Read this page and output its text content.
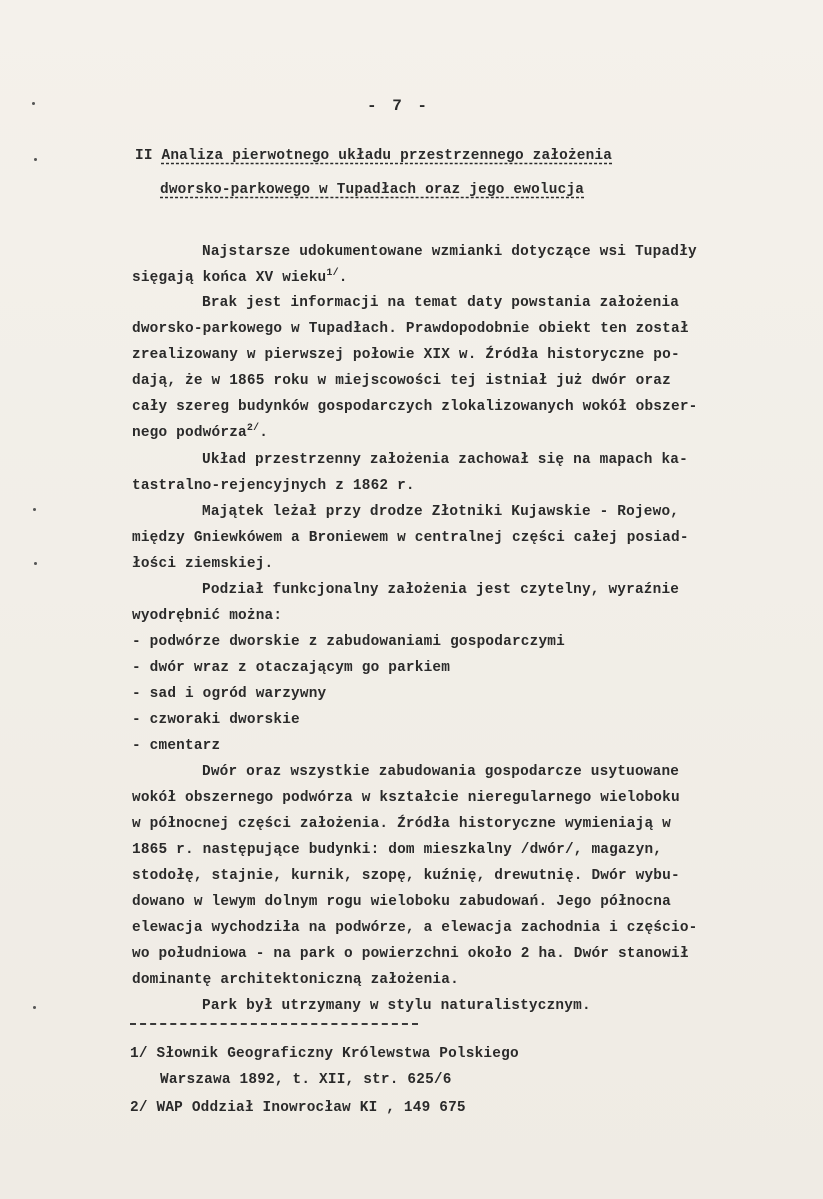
- 7 -
II Analiza pierwotnego układu przestrzennego założenia
dworsko-parkowego w Tupadłach oraz jego ewolucja
Najstarsze udokumentowane wzmianki dotyczące wsi Tupadły
sięgają końca XV wieku$^{1/}$.
Brak jest informacji na temat daty powstania założenia
dworsko-parkowego w Tupadłach. Prawdopodobnie obiekt ten został
zrealizowany w pierwszej połowie XIX w. Źródła historyczne po-
dają, że w 1865 roku w miejscowości tej istniał już dwór oraz
cały szereg budynków gospodarczych zlokalizowanych wokół obszer-
nego podwórza$^{2/}$.
Układ przestrzenny założenia zachował się na mapach ka-
tastralno-rejencyjnych z 1862 r.
Majątek leżał przy drodze Złotniki Kujawskie - Rojewo,
między Gniewkówem a Broniewem w centralnej części całej posiad-
łości ziemskiej.
Podział funkcjonalny założenia jest czytelny, wyraźnie
wyodrębnić można:
- podwórze dworskie z zabudowaniami gospodarczymi
- dwór wraz z otaczającym go parkiem
- sad i ogród warzywny
- czworaki dworskie
- cmentarz
Dwór oraz wszystkie zabudowania gospodarcze usytuowane
wokół obszernego podwórza w kształcie nieregularnego wieloboku
w północnej części założenia. Źródła historyczne wymieniają w
1865 r. następujące budynki: dom mieszkalny /dwór/, magazyn,
stodołę, stajnie, kurnik, szopę, kuźnię, drewutnię. Dwór wybu-
dowano w lewym dolnym rogu wieloboku zabudowań. Jego północna
elewacja wychodziła na podwórze, a elewacja zachodnia i częścio-
wo południowa - na park o powierzchni około 2 ha. Dwór stanowił
dominantę architektoniczną założenia.
Park był utrzymany w stylu naturalistycznym.
1/ Słownik Geograficzny Królewstwa Polskiego
Warszawa 1892, t. XII, str. 625/6
2/ WAP Oddział Inowrocław KI , 149 675
